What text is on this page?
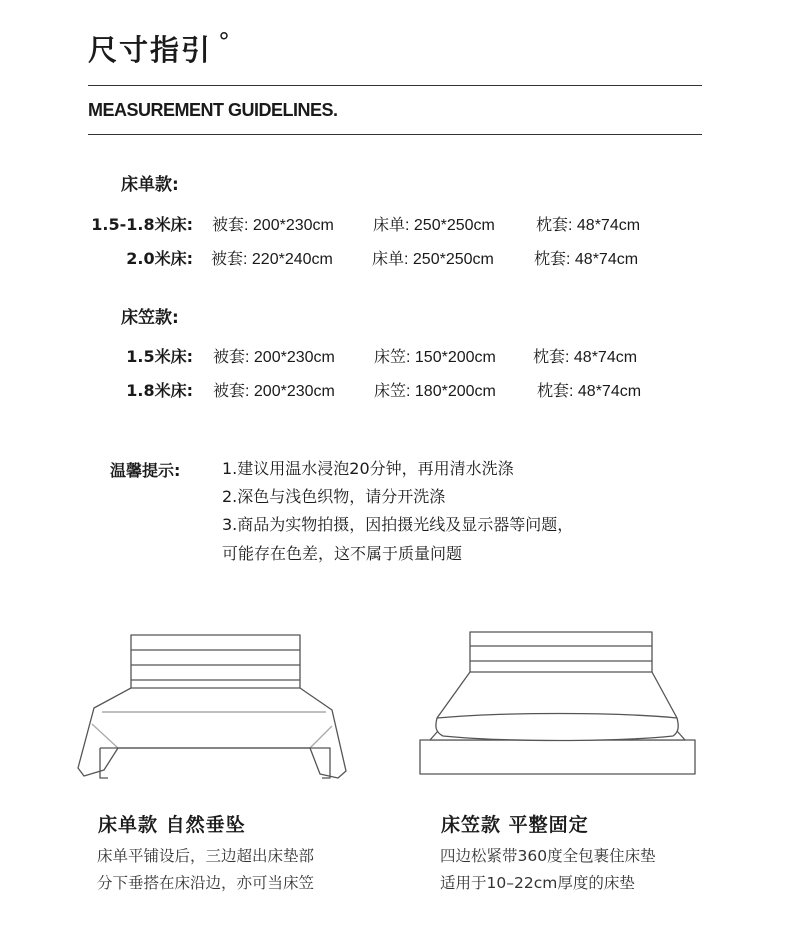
尺寸指引 °
MEASUREMENT GUIDELINES.
床单款:
1.5-1.8米床: 被套: 200*230cm 床单: 250*250cm	枕套: 48*74cm
2.0米床: 被套: 220*240cm 床单: 250*250cm	枕套: 48*74cm
床笠款:
1.5米床: 被套: 200*230cm 床笠: 150*200cm 枕套: 48*74cm
1.8米床: 被套: 200*230cm 床笠: 180*200cm	枕套: 48*74cm
温馨提示:	1.建议用温水浸泡20分钟，再用清水洗涤
2.深色与浅色织物，请分开洗涤
3.商品为实物拍摄，因拍摄光线及显示器等问题，
可能存在色差，这不属于质量问题
床单款 自然垂坠
床单平铺设后，三边超出床垫部
分下垂搭在床沿边，亦可当床笠
床笠款 平整固定
四边松紧带360度全包裹住床垫
适用于10–22cm厚度的床垫
